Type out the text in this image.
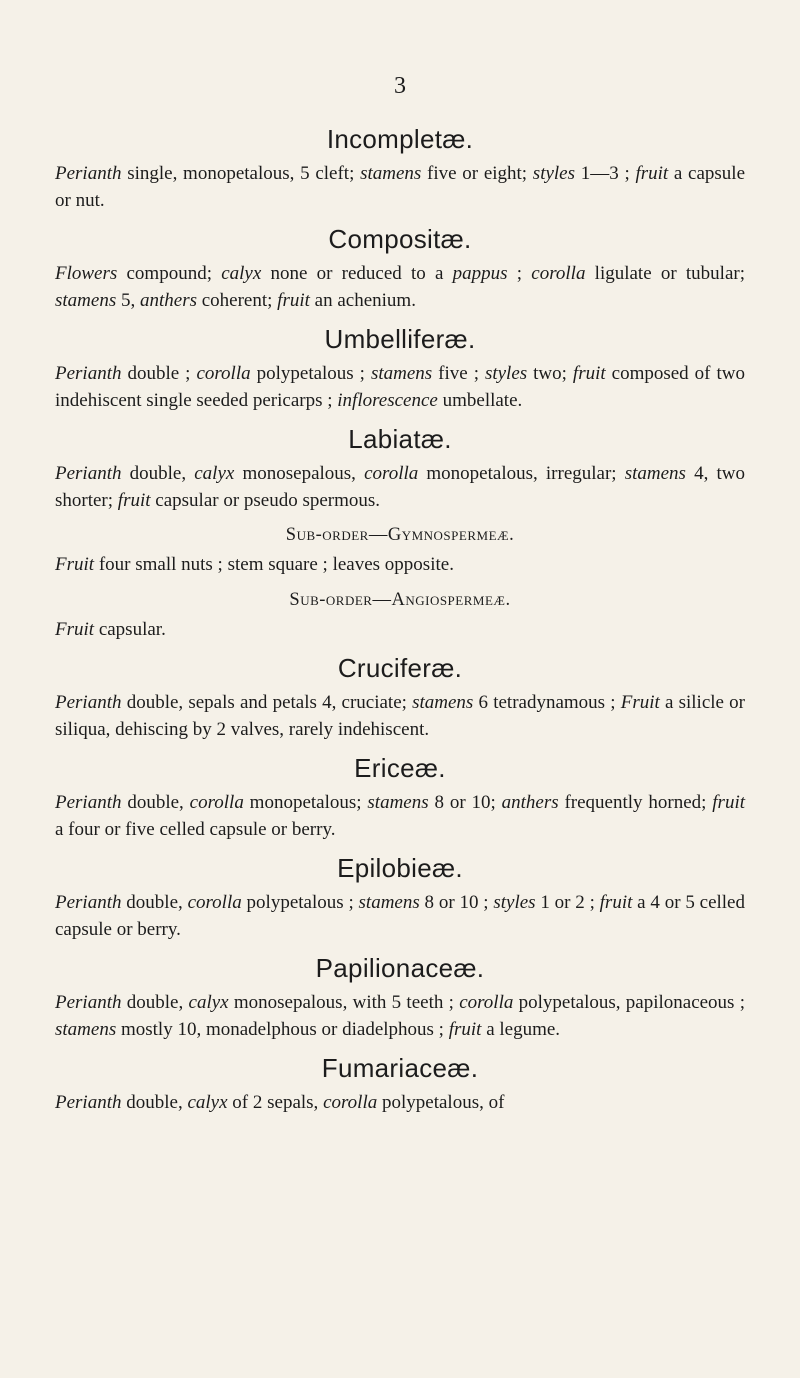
3
Incompletæ.

Perianth single, monopetalous, 5 cleft; stamens five or eight; styles 1—3 ; fruit a capsule or nut.

Compositæ.

Flowers compound; calyx none or reduced to a pappus ; corolla ligulate or tubular; stamens 5, anthers coherent; fruit an achenium.

Umbelliferæ.

Perianth double ; corolla polypetalous ; stamens five ; styles two; fruit composed of two indehiscent single seeded pericarps ; inflorescence umbellate.

Labiatæ.

Perianth double, calyx monosepalous, corolla monopetalous, irregular; stamens 4, two shorter; fruit capsular or pseudo spermous.

Sub-order—Gymnospermeæ.

Fruit four small nuts ; stem square ; leaves opposite.

Sub-order—Angiospermeæ.

Fruit capsular.

Cruciferæ.

Perianth double, sepals and petals 4, cruciate; stamens 6 tetradynamous ; Fruit a silicle or siliqua, dehiscing by 2 valves, rarely indehiscent.

Ericeæ.

Perianth double, corolla monopetalous; stamens 8 or 10; anthers frequently horned; fruit a four or five celled capsule or berry.

Epilobieæ.

Perianth double, corolla polypetalous ; stamens 8 or 10 ; styles 1 or 2 ; fruit a 4 or 5 celled capsule or berry.

Papilionaceæ.

Perianth double, calyx monosepalous, with 5 teeth ; corolla polypetalous, papilonaceous ; stamens mostly 10, monadelphous or diadelphous ; fruit a legume.

Fumariaceæ.

Perianth double, calyx of 2 sepals, corolla polypetalous, of
